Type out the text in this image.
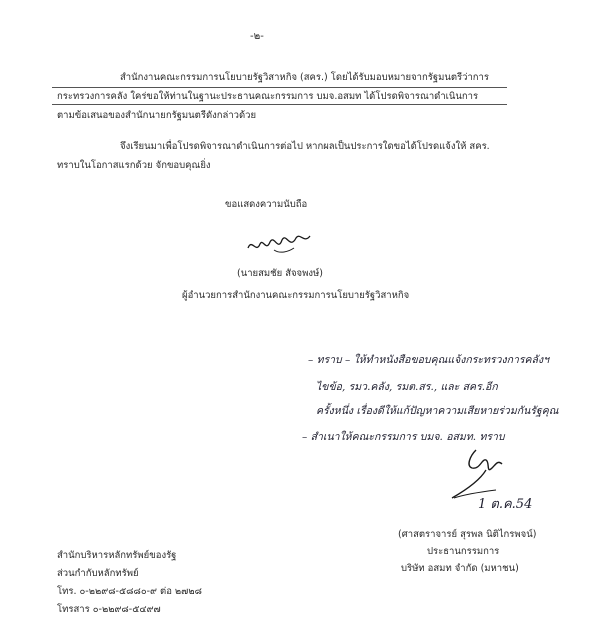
-๒-
สำนักงานคณะกรรมการนโยบายรัฐวิสาหกิจ (สคร.) โดยได้รับมอบหมายจากรัฐมนตรีว่าการ
กระทรวงการคลัง ใคร่ขอให้ท่านในฐานะประธานคณะกรรมการ บมจ.อสมท ได้โปรดพิจารณาดำเนินการ
ตามข้อเสนอของสำนักนายกรัฐมนตรีดังกล่าวด้วย
จึงเรียนมาเพื่อโปรดพิจารณาดำเนินการต่อไป หากผลเป็นประการใดขอได้โปรดแจ้งให้ สคร.
ทราบในโอกาสแรกด้วย จักขอบคุณยิ่ง
ขอแสดงความนับถือ
(นายสมชัย สัจจพงษ์)
ผู้อำนวยการสำนักงานคณะกรรมการนโยบายรัฐวิสาหกิจ
– ทราบ – ให้ทำหนังสือขอบคุณแจ้งกระทรวงการคลังฯ
ไขข้อ, รมว.คลัง, รมต.สร., และ สคร.อีก
ครั้งหนึ่ง เรื่องดีให้แก้ปัญหาความเสียหายร่วมกันรัฐคุณ
– สำเนาให้คณะกรรมการ บมจ. อสมท. ทราบ
1 ต.ค.54
(ศาสตราจารย์ สุรพล นิติไกรพจน์)
ประธานกรรมการ
บริษัท อสมท จำกัด (มหาชน)
สำนักบริหารหลักทรัพย์ของรัฐ
ส่วนกำกับหลักทรัพย์
โทร. ๐-๒๒๙๘-๕๘๘๐-๙ ต่อ ๒๗๒๘
โทรสาร ๐-๒๒๙๘-๕๔๙๗
